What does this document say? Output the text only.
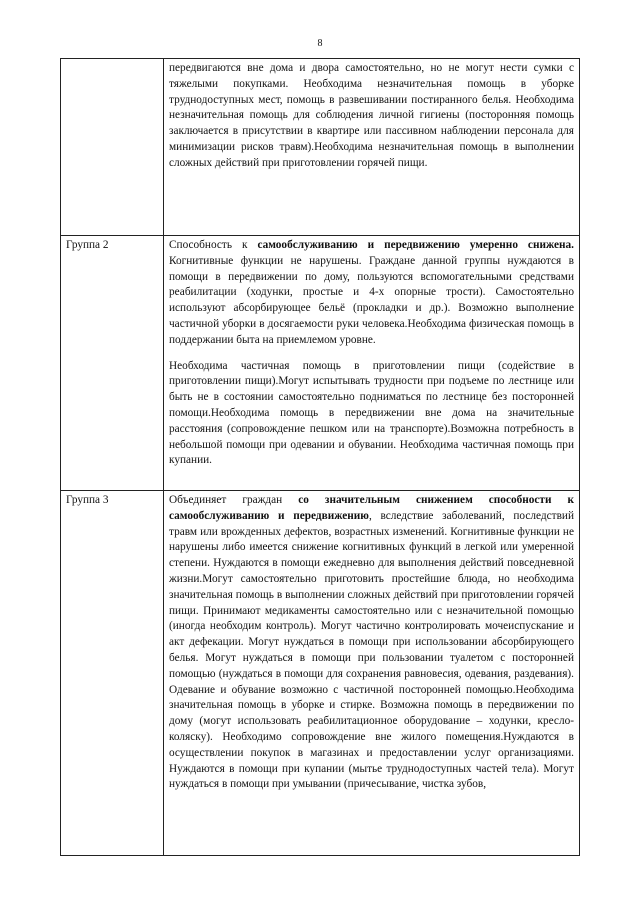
8

	передвигаются вне дома и двора самостоятельно, но не могут нести сумки с тяжелыми покупками. Необходима незначительная помощь в уборке труднодоступных мест, помощь в развешивании постиранного белья. Необходима незначительная помощь для соблюдения личной гигиены (посторонняя помощь заключается в присутствии в квартире или пассивном наблюдении персонала для минимизации рисков травм).Необходима незначительная помощь в выполнении сложных действий при приготовлении горячей пищи.

Группа 2	Способность к самообслуживанию и передвижению умеренно снижена. Когнитивные функции не нарушены. Граждане данной группы нуждаются в помощи в передвижении по дому, пользуются вспомогательными средствами реабилитации (ходунки, простые и 4-х опорные трости). Самостоятельно используют абсорбирующее бельё (прокладки и др.). Возможно выполнение частичной уборки в досягаемости руки человека.Необходима физическая помощь в поддержании быта на приемлемом уровне.

Необходима частичная помощь в приготовлении пищи (содействие в приготовлении пищи).Могут испытывать трудности при подъеме по лестнице или быть не в состоянии самостоятельно подниматься по лестнице без посторонней помощи.Необходима помощь в передвижении вне дома на значительные расстояния (сопровождение пешком или на транспорте).Возможна потребность в небольшой помощи при одевании и обувании. Необходима частичная помощь при купании.

Группа 3	Объединяет граждан со значительным снижением способности к самообслуживанию и передвижению, вследствие заболеваний, последствий травм или врожденных дефектов, возрастных изменений. Когнитивные функции не нарушены либо имеется снижение когнитивных функций в легкой или умеренной степени. Нуждаются в помощи ежедневно для выполнения действий повседневной жизни.Могут самостоятельно приготовить простейшие блюда, но необходима значительная помощь в выполнении сложных действий при приготовлении горячей пищи. Принимают медикаменты самостоятельно или с незначительной помощью (иногда необходим контроль). Могут частично контролировать мочеиспускание и акт дефекации. Могут нуждаться в помощи при использовании абсорбирующего белья. Могут нуждаться в помощи при пользовании туалетом с посторонней помощью (нуждаться в помощи для сохранения равновесия, одевания, раздевания). Одевание и обувание возможно с частичной посторонней помощью.Необходима значительная помощь в уборке и стирке. Возможна помощь в передвижении по дому (могут использовать реабилитационное оборудование – ходунки, кресло-коляску). Необходимо сопровождение вне жилого помещения.Нуждаются в осуществлении покупок в магазинах и предоставлении услуг организациями. Нуждаются в помощи при купании (мытье труднодоступных частей тела). Могут нуждаться в помощи при умывании (причесывание, чистка зубов,
